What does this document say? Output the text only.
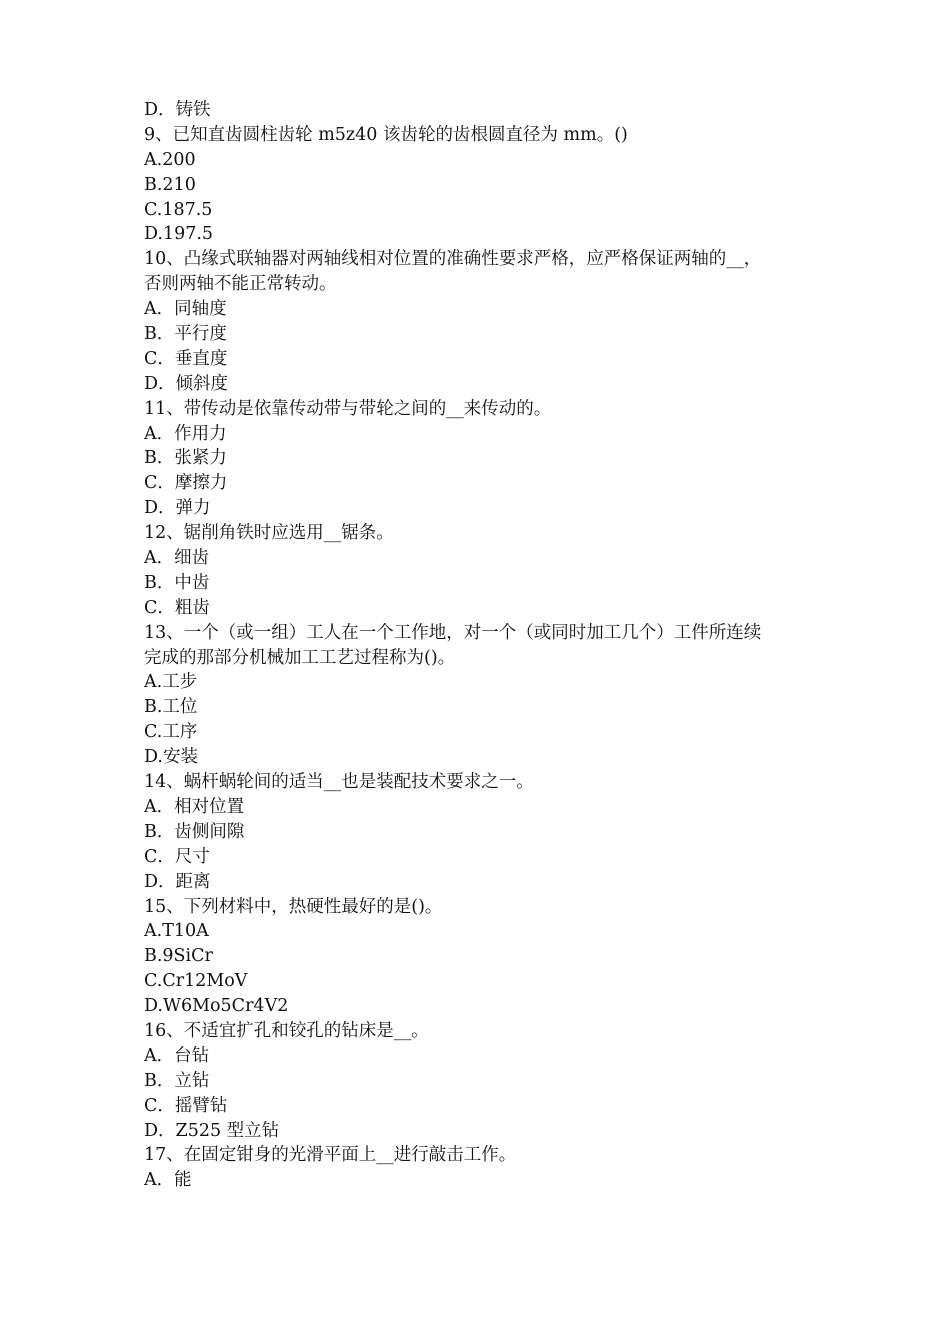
D．铸铁
9、已知直齿圆柱齿轮 m5z40 该齿轮的齿根圆直径为 mm。()
A.200
B.210
C.187.5
D.197.5
10、凸缘式联轴器对两轴线相对位置的准确性要求严格，应严格保证两轴的__，
否则两轴不能正常转动。
A．同轴度
B．平行度
C．垂直度
D．倾斜度
11、带传动是依靠传动带与带轮之间的__来传动的。
A．作用力
B．张紧力
C．摩擦力
D．弹力
12、锯削角铁时应选用__锯条。
A．细齿
B．中齿
C．粗齿
13、一个（或一组）工人在一个工作地，对一个（或同时加工几个）工件所连续
完成的那部分机械加工工艺过程称为()。
A.工步
B.工位
C.工序
D.安装
14、蜗杆蜗轮间的适当__也是装配技术要求之一。
A．相对位置
B．齿侧间隙
C．尺寸
D．距离
15、下列材料中，热硬性最好的是()。
A.T10A
B.9SiCr
C.Cr12MoV
D.W6Mo5Cr4V2
16、不适宜扩孔和铰孔的钻床是__。
A．台钻
B．立钻
C．摇臂钻
D．Z525 型立钻
17、在固定钳身的光滑平面上__进行敲击工作。
A．能
